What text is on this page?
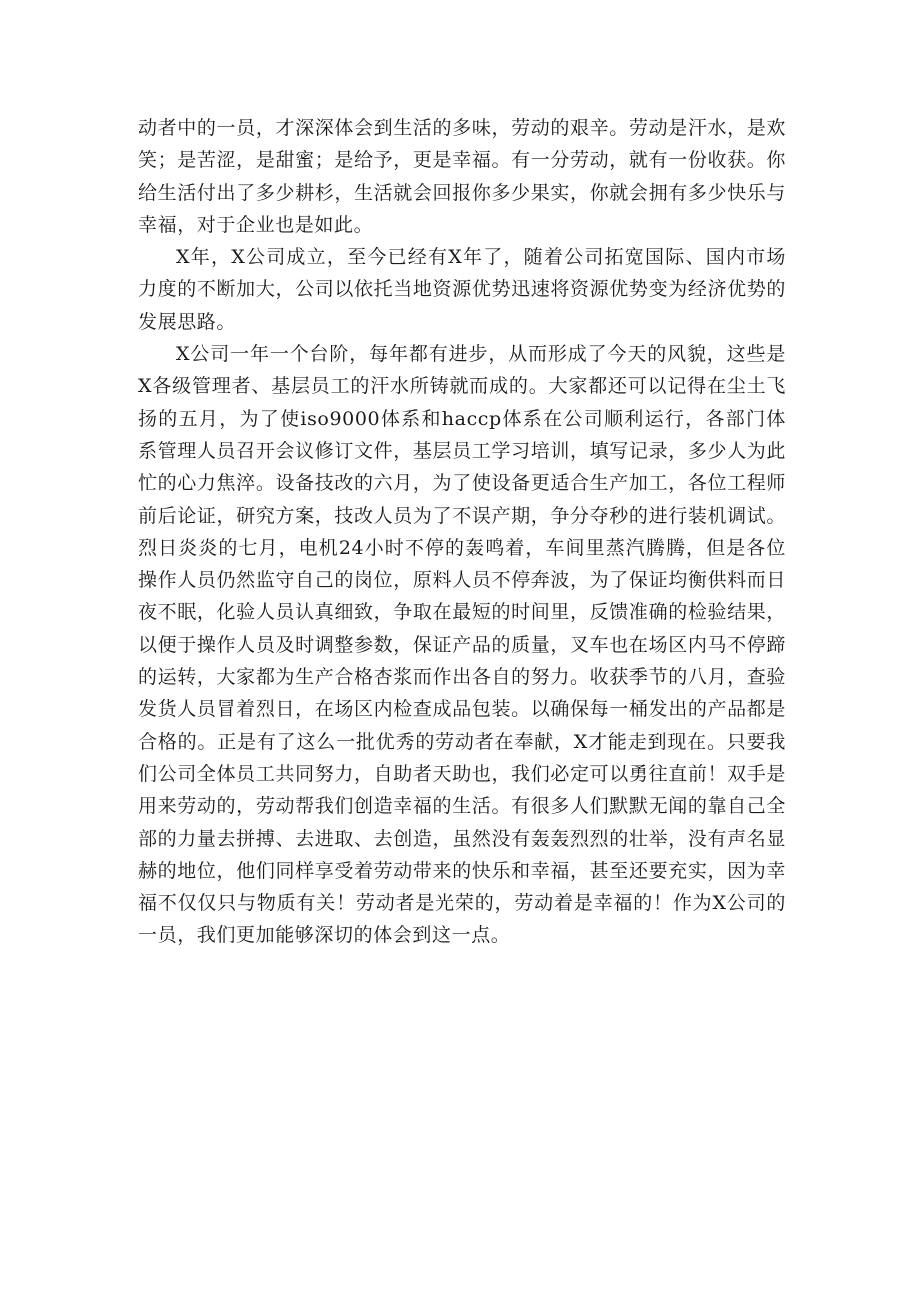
动者中的一员，才深深体会到生活的多味，劳动的艰辛。劳动是汗水，是欢笑；是苦涩，是甜蜜；是给予，更是幸福。有一分劳动，就有一份收获。你给生活付出了多少耕杉，生活就会回报你多少果实，你就会拥有多少快乐与幸福，对于企业也是如此。

X年，X公司成立，至今已经有X年了，随着公司拓宽国际、国内市场力度的不断加大，公司以依托当地资源优势迅速将资源优势变为经济优势的发展思路。

X公司一年一个台阶，每年都有进步，从而形成了今天的风貌，这些是X各级管理者、基层员工的汗水所铸就而成的。大家都还可以记得在尘土飞扬的五月，为了使iso9000体系和haccp体系在公司顺利运行，各部门体系管理人员召开会议修订文件，基层员工学习培训，填写记录，多少人为此忙的心力焦淬。设备技改的六月，为了使设备更适合生产加工，各位工程师前后论证，研究方案，技改人员为了不误产期，争分夺秒的进行装机调试。烈日炎炎的七月，电机24小时不停的轰鸣着，车间里蒸汽腾腾，但是各位操作人员仍然监守自己的岗位，原料人员不停奔波，为了保证均衡供料而日夜不眠，化验人员认真细致，争取在最短的时间里，反馈准确的检验结果，以便于操作人员及时调整参数，保证产品的质量，叉车也在场区内马不停蹄的运转，大家都为生产合格杏浆而作出各自的努力。收获季节的八月，查验发货人员冒着烈日，在场区内检查成品包装。以确保每一桶发出的产品都是合格的。正是有了这么一批优秀的劳动者在奉献，X才能走到现在。只要我们公司全体员工共同努力，自助者天助也，我们必定可以勇往直前！双手是用来劳动的，劳动帮我们创造幸福的生活。有很多人们默默无闻的靠自己全部的力量去拼搏、去进取、去创造，虽然没有轰轰烈烈的壮举，没有声名显赫的地位，他们同样享受着劳动带来的快乐和幸福，甚至还要充实，因为幸福不仅仅只与物质有关！劳动者是光荣的，劳动着是幸福的！作为X公司的一员，我们更加能够深切的体会到这一点。
